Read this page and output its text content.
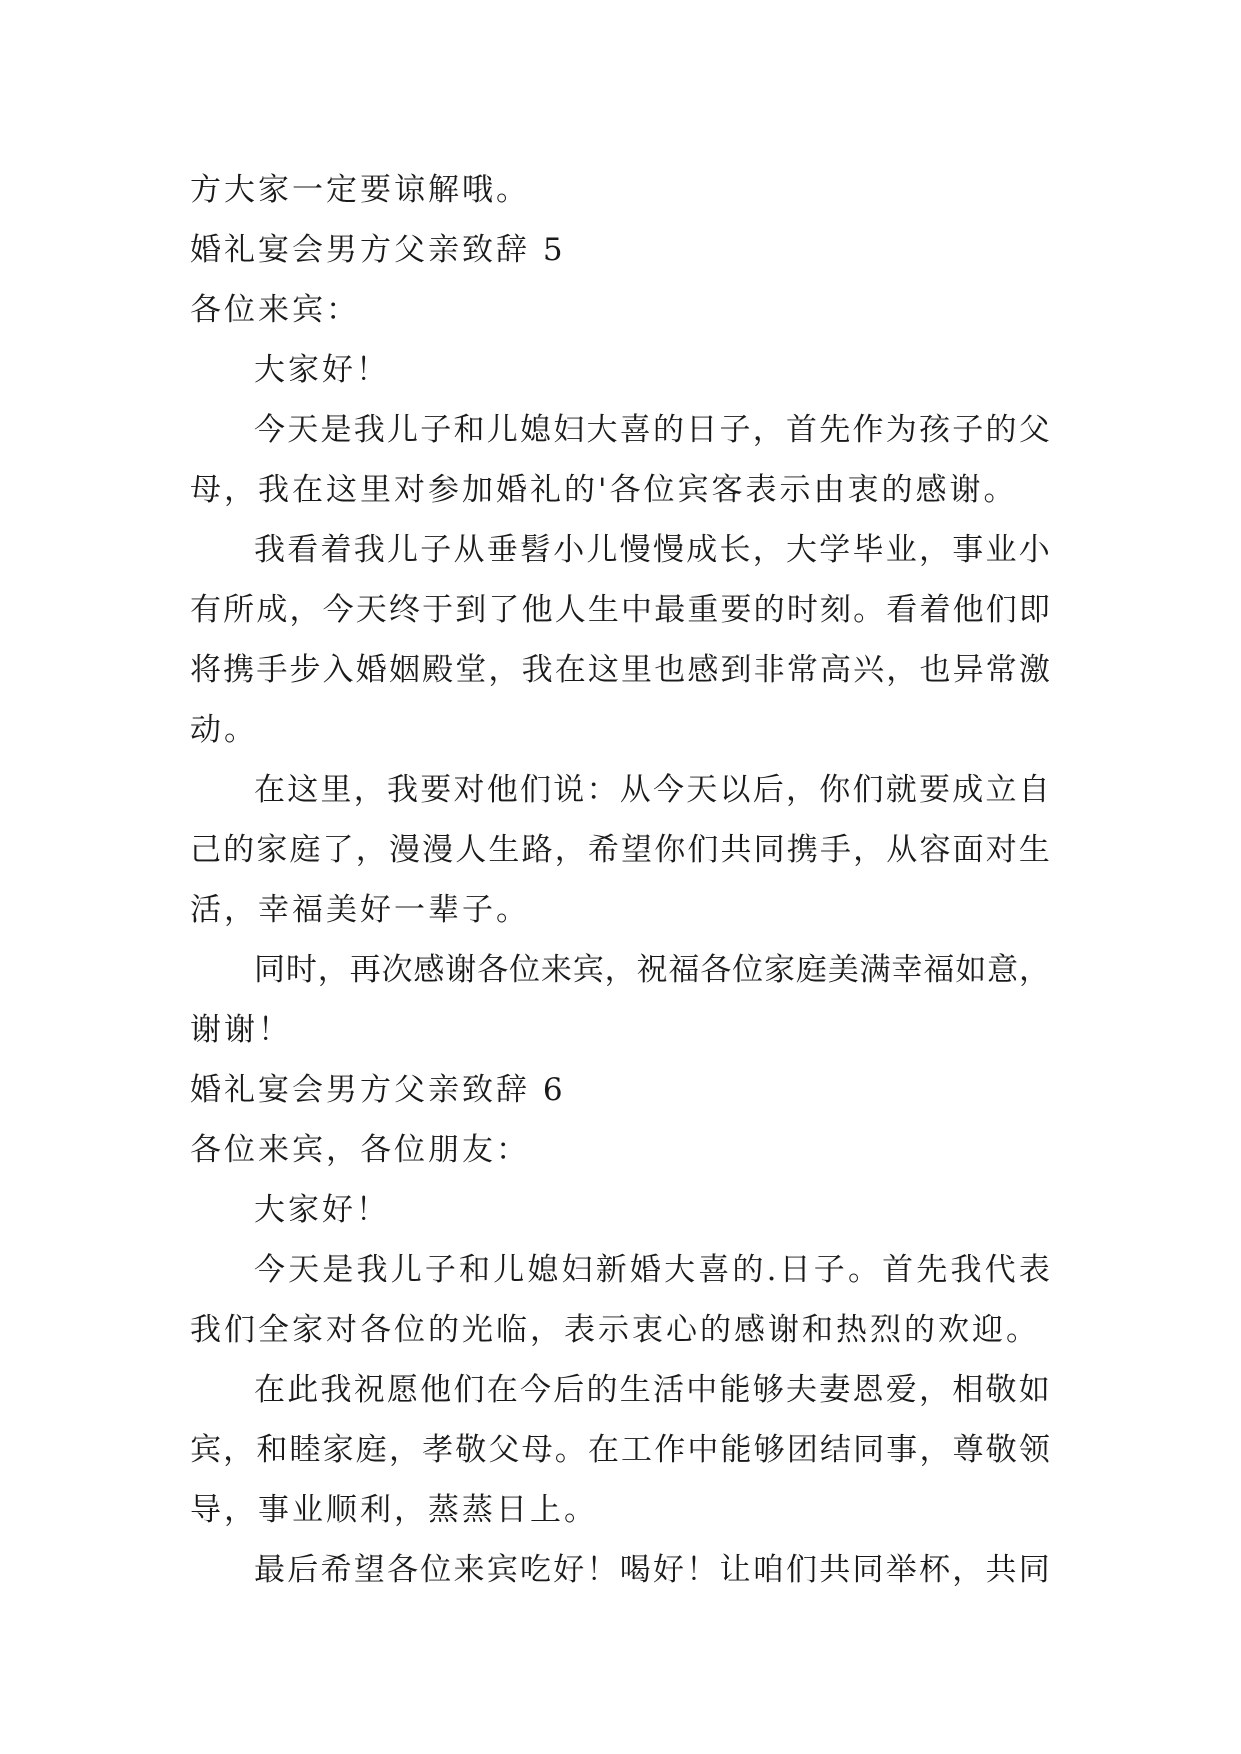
方大家一定要谅解哦。
婚礼宴会男方父亲致辞 5
各位来宾：
大家好！
今 天 是 我 儿 子 和 儿 媳 妇 大 喜 的 日 子 ， 首 先 作 为 孩 子 的 父
母，我在这里对参加婚礼的'各位宾客表示由衷的感谢。
我 看 着 我 儿 子 从 垂 髫 小 儿 慢 慢 成 长 ， 大 学 毕 业 ， 事 业 小
有 所 成 ， 今 天 终 于 到 了 他 人 生 中 最 重 要 的 时 刻 。 看 着 他 们 即
将 携 手 步 入 婚 姻 殿 堂 ， 我 在 这 里 也 感 到 非 常 高 兴 ， 也 异 常 激
动。
在 这 里 ， 我 要 对 他 们 说 ： 从 今 天 以 后 ， 你 们 就 要 成 立 自
己 的 家 庭 了 ， 漫 漫 人 生 路 ， 希 望 你 们 共 同 携 手 ， 从 容 面 对 生
活，幸福美好一辈子。
同 时 ， 再 次 感 谢 各 位 来 宾 ， 祝 福 各 位 家 庭 美 满 幸 福 如 意 ，
谢谢！
婚礼宴会男方父亲致辞 6
各位来宾，各位朋友：
大家好！
今 天 是 我 儿 子 和 儿 媳 妇 新 婚 大 喜 的 . 日 子 。 首 先 我 代 表
我们全家对各位的光临，表示衷心的感谢和热烈的欢迎。
在 此 我 祝 愿 他 们 在 今 后 的 生 活 中 能 够 夫 妻 恩 爱 ， 相 敬 如
宾 ， 和 睦 家 庭 ， 孝 敬 父 母 。 在 工 作 中 能 够 团 结 同 事 ， 尊 敬 领
导，事业顺利，蒸蒸日上。
最 后 希 望 各 位 来 宾 吃 好 ！ 喝 好 ！ 让 咱 们 共 同 举 杯 ， 共 同
